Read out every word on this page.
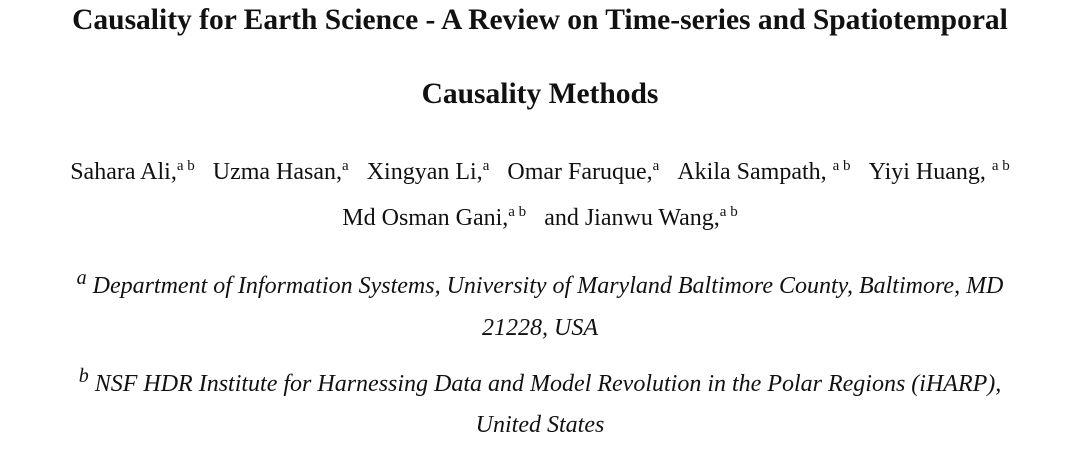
Causality for Earth Science - A Review on Time-series and Spatiotemporal
Causality Methods
Sahara Ali,$^{a b}$ Uzma Hasan,$^a$ Xingyan Li,$^a$ Omar Faruque,$^a$ Akila Sampath, $^{a b}$ Yiyi Huang, $^{a b}$
Md Osman Gani,$^{a b}$ and Jianwu Wang,$^{a b}$
$^a$ Department of Information Systems, University of Maryland Baltimore County, Baltimore, MD
21228, USA
$^b$ NSF HDR Institute for Harnessing Data and Model Revolution in the Polar Regions (iHARP),
United States
